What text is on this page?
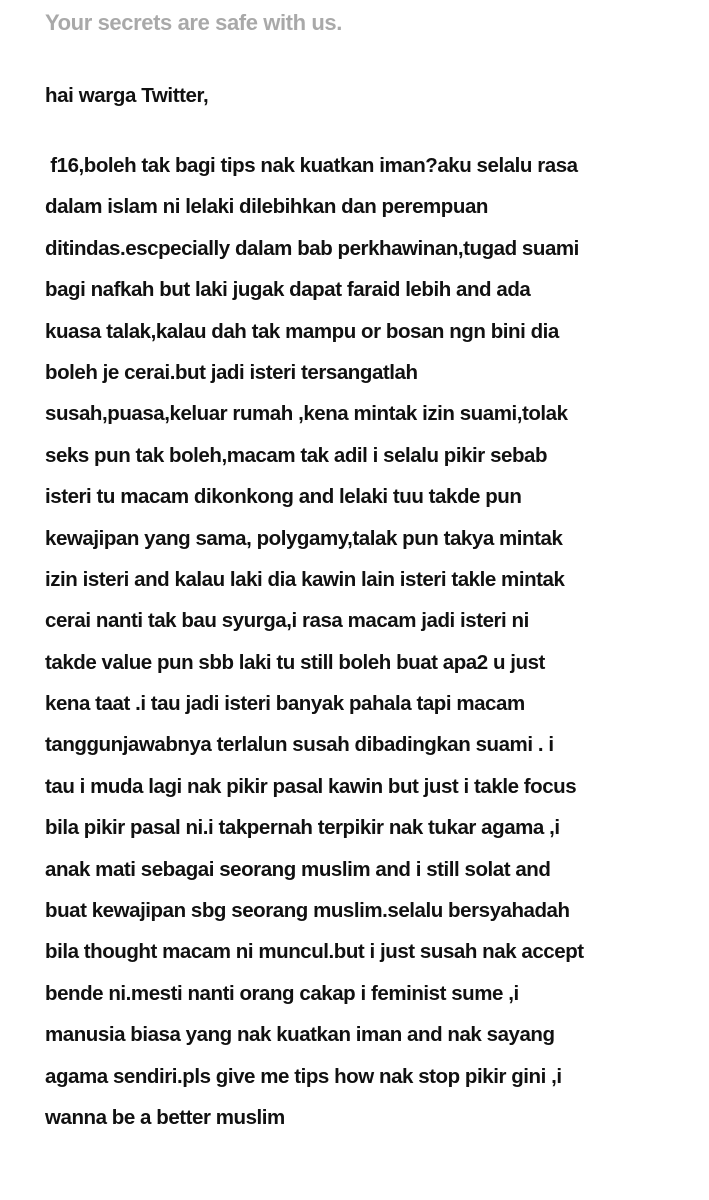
Your secrets are safe with us.
hai warga Twitter,
f16,boleh tak bagi tips nak kuatkan iman?aku selalu rasa
dalam islam ni lelaki dilebihkan dan perempuan
ditindas.escpecially dalam bab perkhawinan,tugad suami
bagi nafkah but laki jugak dapat faraid lebih and ada
kuasa talak,kalau dah tak mampu or bosan ngn bini dia
boleh je cerai.but jadi isteri tersangatlah
susah,puasa,keluar rumah ,kena mintak izin suami,tolak
seks pun tak boleh,macam tak adil i selalu pikir sebab
isteri tu macam dikonkong and lelaki tuu takde pun
kewajipan yang sama, polygamy,talak pun takya mintak
izin isteri and kalau laki dia kawin lain isteri takle mintak
cerai nanti tak bau syurga,i rasa macam jadi isteri ni
takde value pun sbb laki tu still boleh buat apa2 u just
kena taat .i tau jadi isteri banyak pahala tapi macam
tanggunjawabnya terlalun susah dibadingkan suami . i
tau i muda lagi nak pikir pasal kawin but just i takle focus
bila pikir pasal ni.i takpernah terpikir nak tukar agama ,i
anak mati sebagai seorang muslim and i still solat and
buat kewajipan sbg seorang muslim.selalu bersyahadah
bila thought macam ni muncul.but i just susah nak accept
bende ni.mesti nanti orang cakap i feminist sume ,i
manusia biasa yang nak kuatkan iman and nak sayang
agama sendiri.pls give me tips how nak stop pikir gini ,i
wanna be a better muslim
